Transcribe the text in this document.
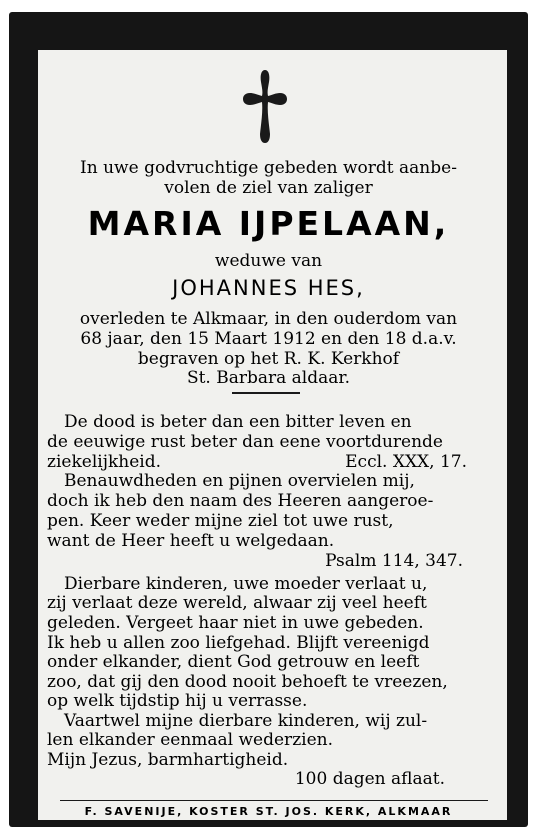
In uwe godvruchtige gebeden wordt aanbe-
volen de ziel van zaliger
MARIA IJPELAAN,
weduwe van
JOHANNES HES,
overleden te Alkmaar, in den ouderdom van
68 jaar, den 15 Maart 1912 en den 18 d.a.v.
begraven op het R. K. Kerkhof
St. Barbara aldaar.
De dood is beter dan een bitter leven en
de eeuwige rust beter dan eene voortdurende
ziekelijkheid.	Eccl. XXX, 17.
Benauwdheden en pijnen overvielen mij,
doch ik heb den naam des Heeren aangeroe-
pen. Keer weder mijne ziel tot uwe rust,
want de Heer heeft u welgedaan.
Psalm 114, 347.
Dierbare kinderen, uwe moeder verlaat u,
zij verlaat deze wereld, alwaar zij veel heeft
geleden. Vergeet haar niet in uwe gebeden.
Ik heb u allen zoo liefgehad. Blijft vereenigd
onder elkander, dient God getrouw en leeft
zoo, dat gij den dood nooit behoeft te vreezen,
op welk tijdstip hij u verrasse.
Vaartwel mijne dierbare kinderen, wij zul-
len elkander eenmaal wederzien.
Mijn Jezus, barmhartigheid.
100 dagen aflaat.
F. SAVENIJE, KOSTER ST. JOS. KERK, ALKMAAR
